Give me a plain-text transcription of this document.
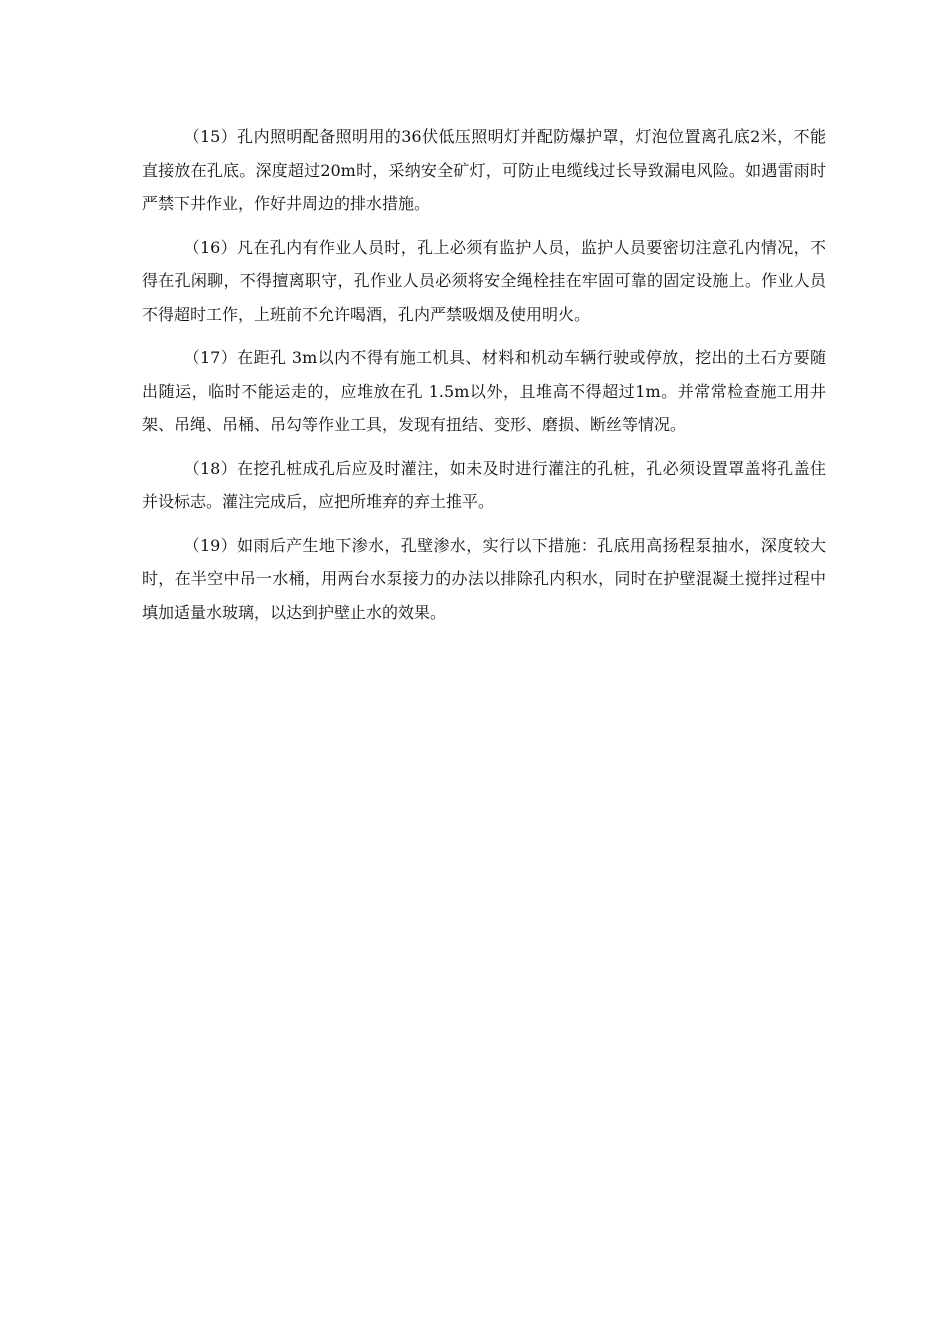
（15）孔内照明配备照明用的36伏低压照明灯并配防爆护罩，灯泡位置离孔底2米，不能直接放在孔底。深度超过20m时，采纳安全矿灯，可防止电缆线过长导致漏电风险。如遇雷雨时严禁下井作业，作好井周边的排水措施。

（16）凡在孔内有作业人员时，孔上必须有监护人员，监护人员要密切注意孔内情况，不得在孔闲聊，不得擅离职守，孔作业人员必须将安全绳栓挂在牢固可靠的固定设施上。作业人员不得超时工作，上班前不允许喝酒，孔内严禁吸烟及使用明火。

（17）在距孔 3m以内不得有施工机具、材料和机动车辆行驶或停放，挖出的土石方要随出随运，临时不能运走的，应堆放在孔 1.5m以外，且堆高不得超过1m。并常常检查施工用井架、吊绳、吊桶、吊勾等作业工具，发现有扭结、变形、磨损、断丝等情况。

（18）在挖孔桩成孔后应及时灌注，如未及时进行灌注的孔桩，孔必须设置罩盖将孔盖住并设标志。灌注完成后，应把所堆弃的弃土推平。

（19）如雨后产生地下渗水，孔壁渗水，实行以下措施：孔底用高扬程泵抽水，深度较大时，在半空中吊一水桶，用两台水泵接力的办法以排除孔内积水，同时在护壁混凝土搅拌过程中填加适量水玻璃，以达到护壁止水的效果。
